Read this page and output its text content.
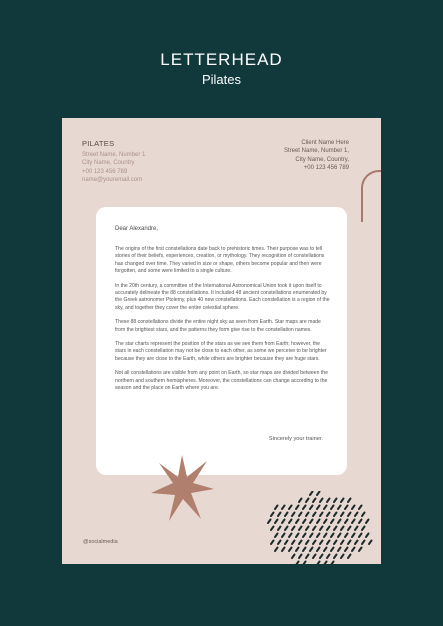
LETTERHEAD
Pilates
PILATES
Street Name, Number 1
City Name, Country
+00 123 456 789
name@youremail.com
Client Name Here
Street Name, Number 1,
City Name, Country,
+00 123 456 789
Dear Alexandre,

The origins of the first constellations date back to prehistoric times. Their purpose was to tell stories of their beliefs, experiences, creation, or mythology. They recognition of constellations has changed over time. They varied in size or shape, others become popular and then were forgotten, and some were limited to a single culture.

In the 20th century, a committee of the International Astronomical Union took it upon itself to accurately delineate the 88 constellations. It included 48 ancient constellations enumerated by the Greek astronomer Ptolemy, plus 40 new constellations. Each constellation is a region of the sky, and together they cover the entire celestial sphere.

These 88 constellations divide the entire night sky as seen from Earth. Star maps are made from the brightest stars, and the patterns they form give rise to the constellation names.

The star charts represent the position of the stars as we see them from Earth; however, the stars in each constellation may not be close to each other, as some we perceive to be brighter because they are close to the Earth, while others are brighter because they are huge stars.

Not all constellations are visible from any point on Earth, so star maps are divided between the northern and southern hemispheres. Moreover, the constellations can change according to the season and the place on Earth where you are.

Sincerely your trainer.
@socialmedia
